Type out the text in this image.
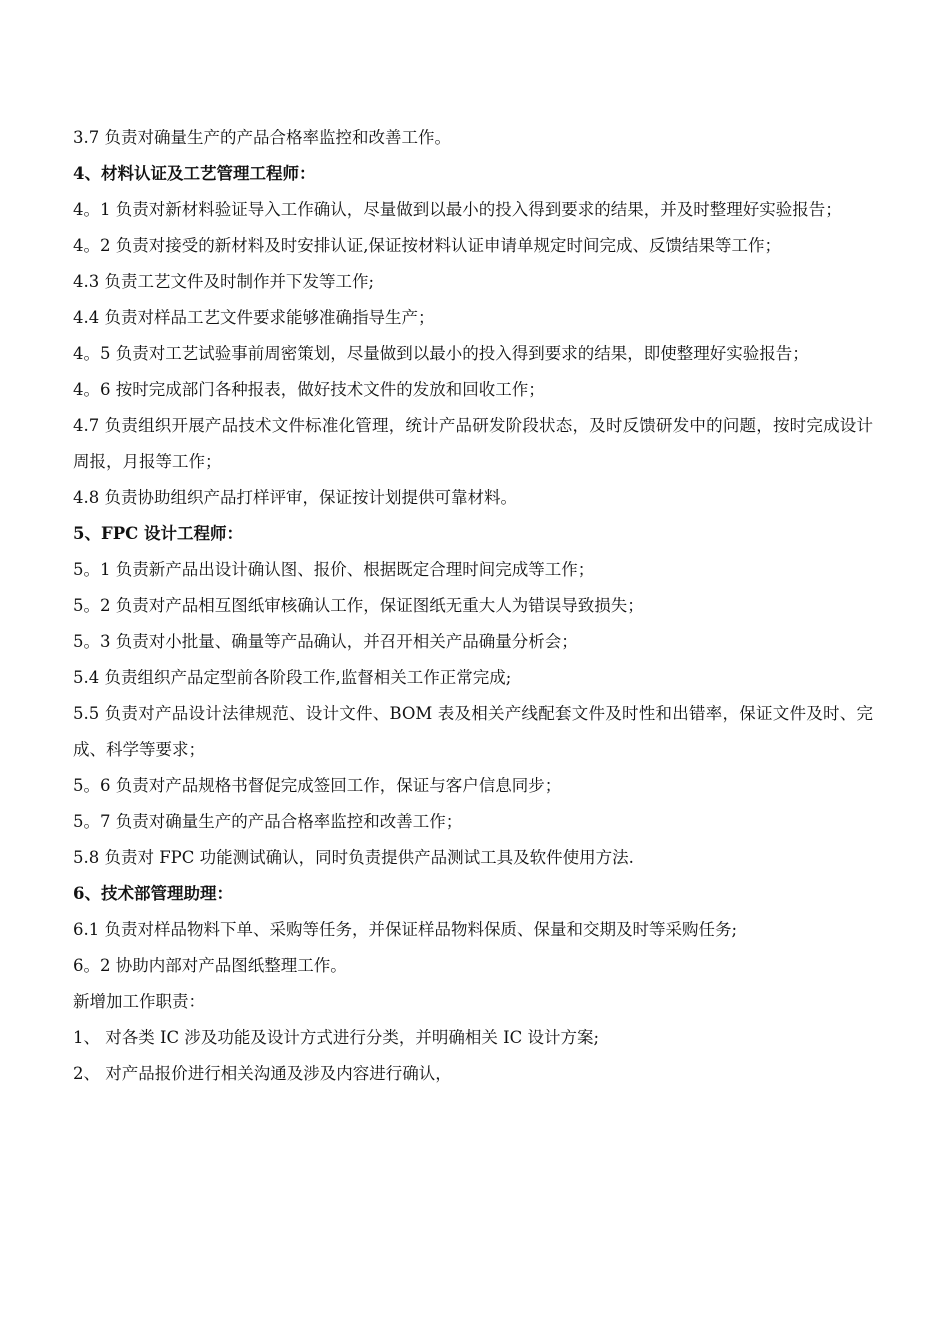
3.7 负责对确量生产的产品合格率监控和改善工作。

4、材料认证及工艺管理工程师：

4。1 负责对新材料验证导入工作确认，尽量做到以最小的投入得到要求的结果，并及时整理好实验报告；

4。2 负责对接受的新材料及时安排认证,保证按材料认证申请单规定时间完成、反馈结果等工作；

4.3 负责工艺文件及时制作并下发等工作;

4.4 负责对样品工艺文件要求能够准确指导生产；

4。5 负责对工艺试验事前周密策划，尽量做到以最小的投入得到要求的结果，即使整理好实验报告；

4。6 按时完成部门各种报表，做好技术文件的发放和回收工作；

4.7 负责组织开展产品技术文件标准化管理，统计产品研发阶段状态，及时反馈研发中的问题，按时完成设计周报，月报等工作；

4.8 负责协助组织产品打样评审，保证按计划提供可靠材料。

5、FPC 设计工程师：

5。1 负责新产品出设计确认图、报价、根据既定合理时间完成等工作；

5。2 负责对产品相互图纸审核确认工作，保证图纸无重大人为错误导致损失；

5。3 负责对小批量、确量等产品确认，并召开相关产品确量分析会；

5.4 负责组织产品定型前各阶段工作,监督相关工作正常完成;

5.5 负责对产品设计法律规范、设计文件、BOM 表及相关产线配套文件及时性和出错率，保证文件及时、完成、科学等要求；

5。6 负责对产品规格书督促完成签回工作，保证与客户信息同步；

5。7 负责对确量生产的产品合格率监控和改善工作；

5.8 负责对 FPC 功能测试确认，同时负责提供产品测试工具及软件使用方法.

6、技术部管理助理：

6.1 负责对样品物料下单、采购等任务，并保证样品物料保质、保量和交期及时等采购任务;

6。2 协助内部对产品图纸整理工作。

新增加工作职责：

1、 对各类 IC 涉及功能及设计方式进行分类，并明确相关 IC 设计方案;

2、 对产品报价进行相关沟通及涉及内容进行确认，
